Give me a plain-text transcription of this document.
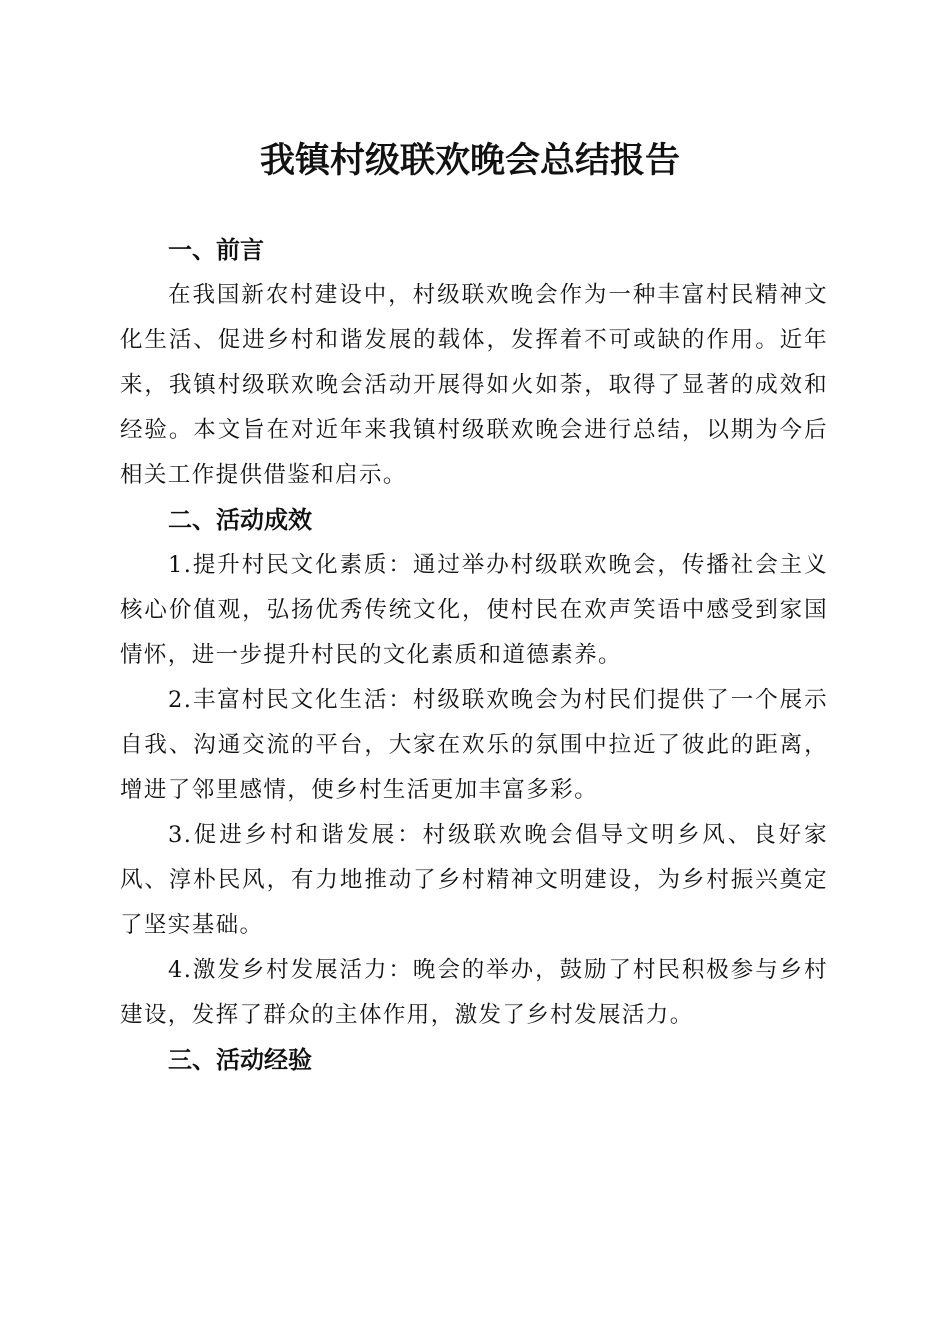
我镇村级联欢晚会总结报告
一、前言

在我国新农村建设中，村级联欢晚会作为一种丰富村民精神文化生活、促进乡村和谐发展的载体，发挥着不可或缺的作用。近年来，我镇村级联欢晚会活动开展得如火如荼，取得了显著的成效和经验。本文旨在对近年来我镇村级联欢晚会进行总结，以期为今后相关工作提供借鉴和启示。

二、活动成效

1.提升村民文化素质：通过举办村级联欢晚会，传播社会主义核心价值观，弘扬优秀传统文化，使村民在欢声笑语中感受到家国情怀，进一步提升村民的文化素质和道德素养。

2.丰富村民文化生活：村级联欢晚会为村民们提供了一个展示自我、沟通交流的平台，大家在欢乐的氛围中拉近了彼此的距离，增进了邻里感情，使乡村生活更加丰富多彩。

3.促进乡村和谐发展：村级联欢晚会倡导文明乡风、良好家风、淳朴民风，有力地推动了乡村精神文明建设，为乡村振兴奠定了坚实基础。

4.激发乡村发展活力：晚会的举办，鼓励了村民积极参与乡村建设，发挥了群众的主体作用，激发了乡村发展活力。

三、活动经验
